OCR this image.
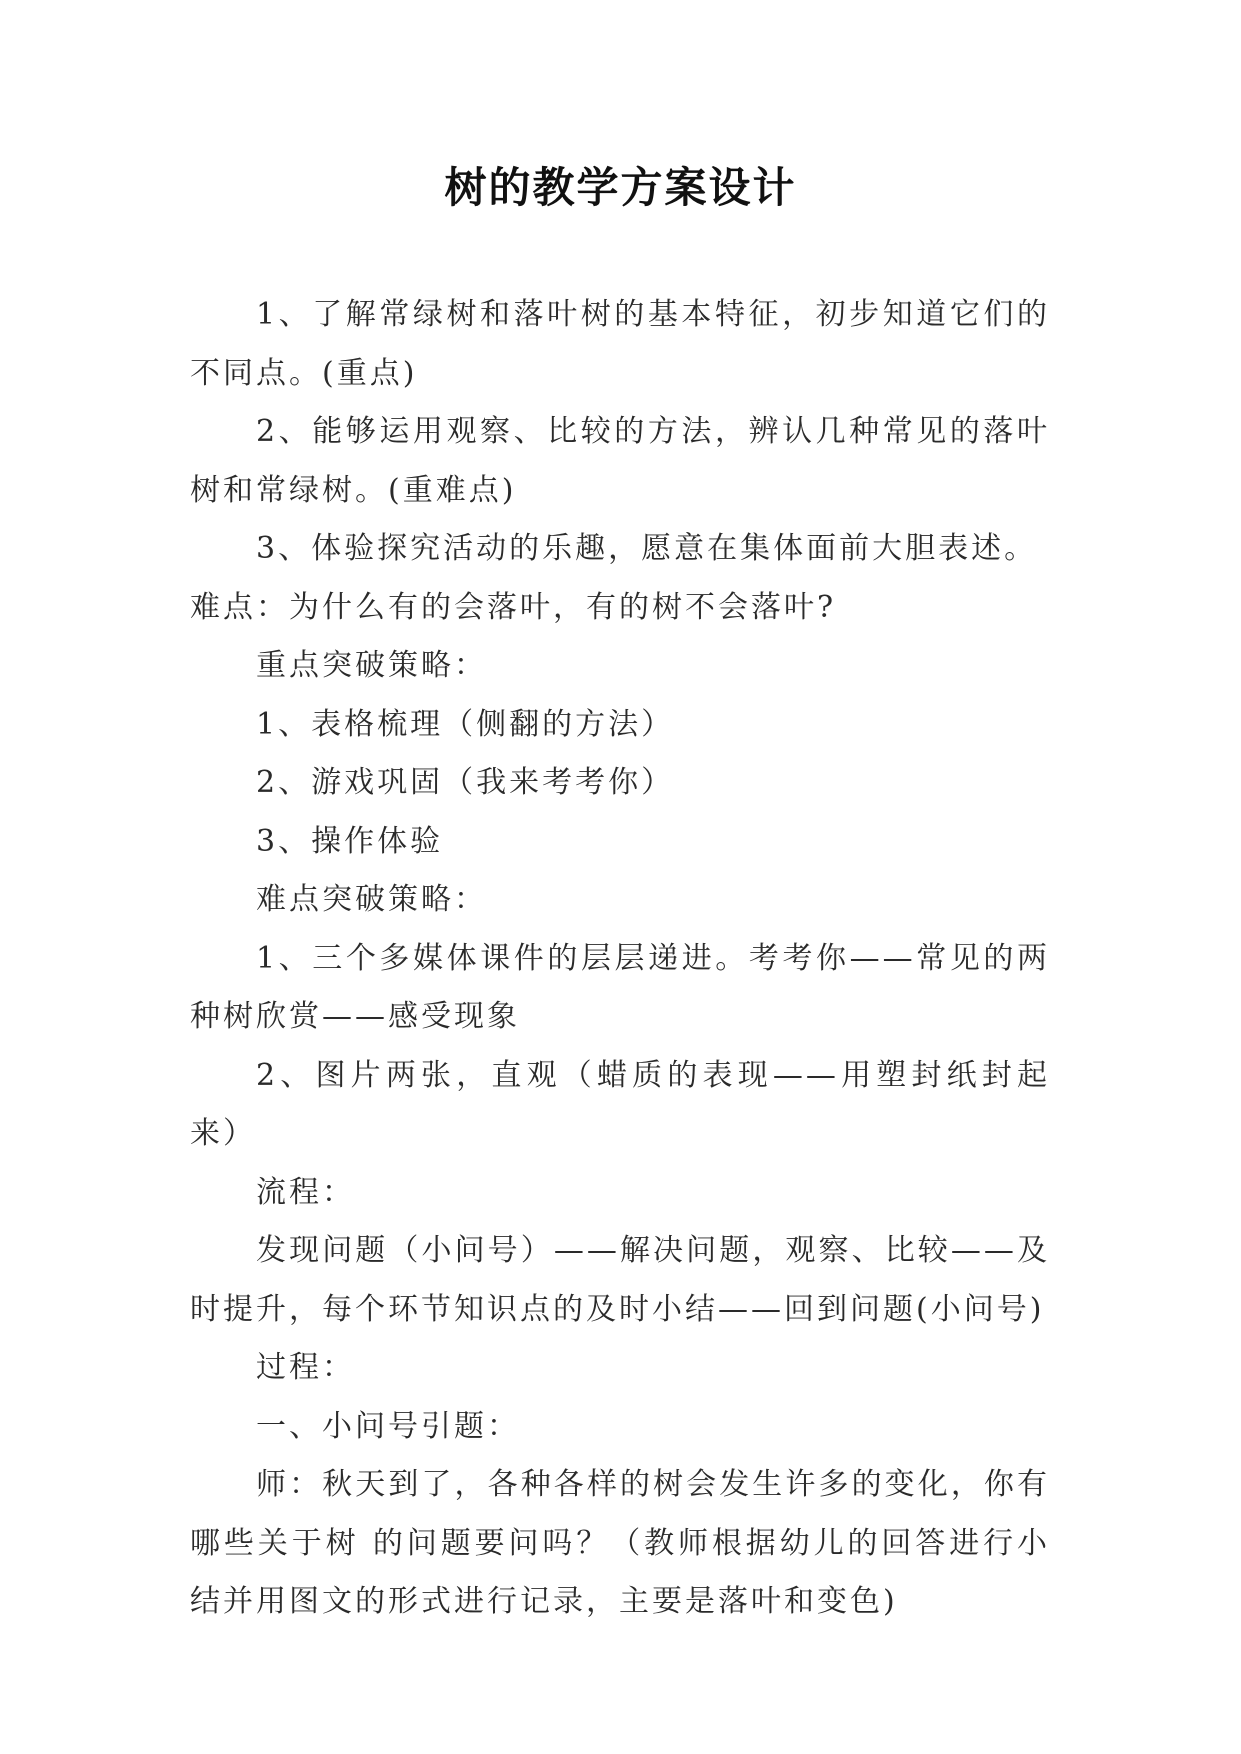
树的教学方案设计

1、了解常绿树和落叶树的基本特征，初步知道它们的不同点。(重点)

2、能够运用观察、比较的方法，辨认几种常见的落叶树和常绿树。(重难点)

3、体验探究活动的乐趣，愿意在集体面前大胆表述。

难点：为什么有的会落叶，有的树不会落叶?

重点突破策略：

1、表格梳理（侧翻的方法）

2、游戏巩固（我来考考你）

3、操作体验

难点突破策略：

1、三个多媒体课件的层层递进。考考你——常见的两种树欣赏——感受现象

2、图片两张，直观（蜡质的表现——用塑封纸封起来）

流程：

发现问题（小问号）——解决问题，观察、比较——及时提升，每个环节知识点的及时小结——回到问题(小问号)

过程：

一、小问号引题：

师：秋天到了，各种各样的树会发生许多的变化，你有哪些关于树 的问题要问吗？（教师根据幼儿的回答进行小结并用图文的形式进行记录，主要是落叶和变色)
